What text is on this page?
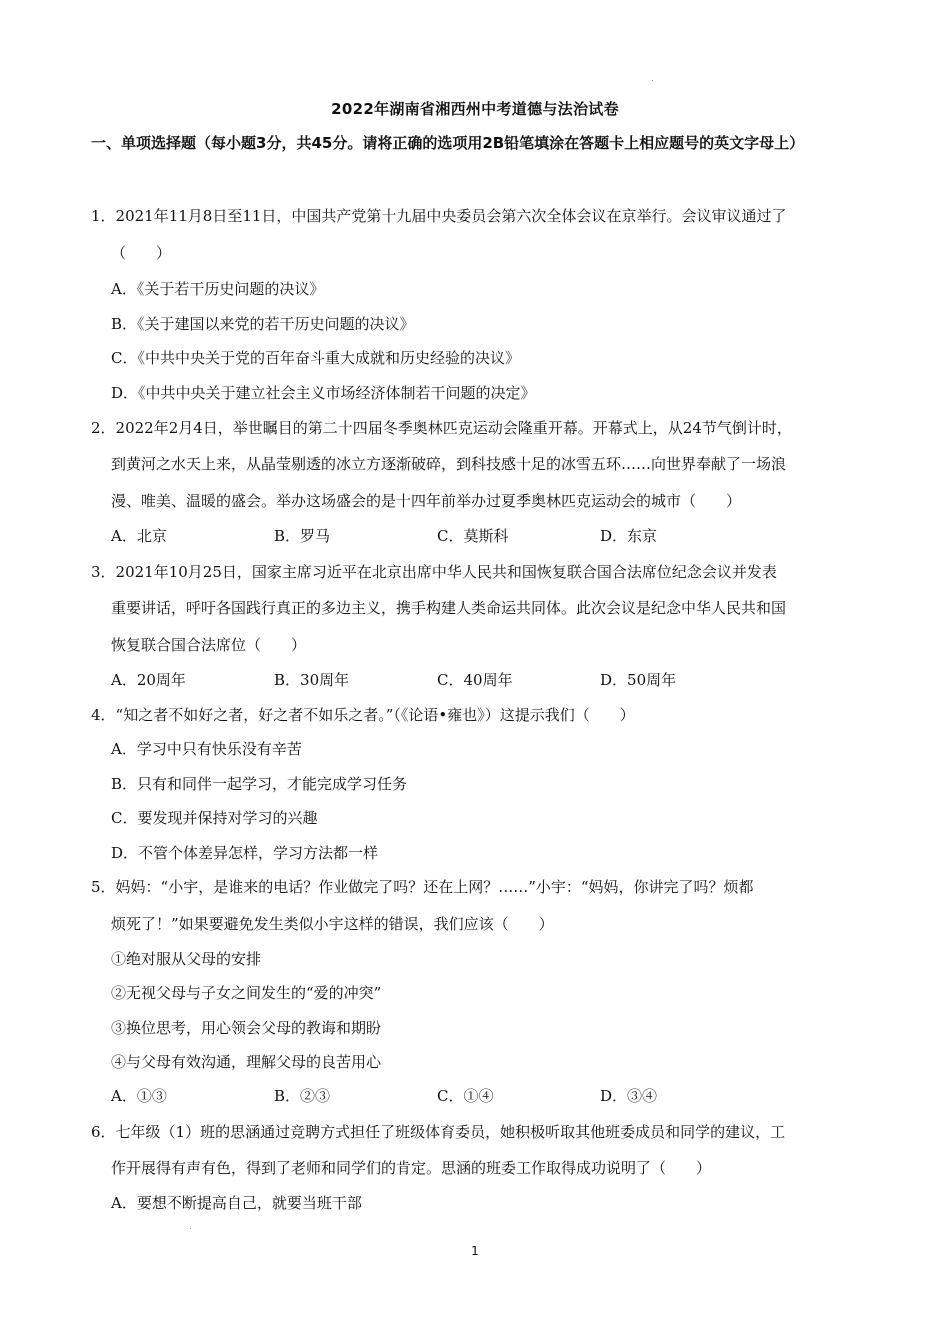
2022年湖南省湘西州中考道德与法治试卷
一、单项选择题（每小题3分，共45分。请将正确的选项用2B铅笔填涂在答题卡上相应题号的英文字母上）
1．2021年11月8日至11日，中国共产党第十九届中央委员会第六次全体会议在京举行。会议审议通过了
（　　）
A．《关于若干历史问题的决议》
B．《关于建国以来党的若干历史问题的决议》
C．《中共中央关于党的百年奋斗重大成就和历史经验的决议》
D．《中共中央关于建立社会主义市场经济体制若干问题的决定》
2．2022年2月4日，举世瞩目的第二十四届冬季奥林匹克运动会隆重开幕。开幕式上，从24节气倒计时，
到黄河之水天上来，从晶莹剔透的冰立方逐渐破碎，到科技感十足的冰雪五环……向世界奉献了一场浪
漫、唯美、温暖的盛会。举办这场盛会的是十四年前举办过夏季奥林匹克运动会的城市（　　）
A．北京	B．罗马	C．莫斯科	D．东京
3．2021年10月25日，国家主席习近平在北京出席中华人民共和国恢复联合国合法席位纪念会议并发表
重要讲话，呼吁各国践行真正的多边主义，携手构建人类命运共同体。此次会议是纪念中华人民共和国
恢复联合国合法席位（　　）
A．20周年	B．30周年	C．40周年	D．50周年
4．“知之者不如好之者，好之者不如乐之者。”（《论语•雍也》）这提示我们（　　）
A．学习中只有快乐没有辛苦
B．只有和同伴一起学习，才能完成学习任务
C．要发现并保持对学习的兴趣
D．不管个体差异怎样，学习方法都一样
5．妈妈：“小宇，是谁来的电话？作业做完了吗？还在上网？……”小宇：“妈妈，你讲完了吗？烦都
烦死了！”如果要避免发生类似小宇这样的错误，我们应该（　　）
①绝对服从父母的安排
②无视父母与子女之间发生的“爱的冲突”
③换位思考，用心领会父母的教诲和期盼
④与父母有效沟通，理解父母的良苦用心
A．①③	B．②③	C．①④	D．③④
6．七年级（1）班的思涵通过竞聘方式担任了班级体育委员，她积极听取其他班委成员和同学的建议，工
作开展得有声有色，得到了老师和同学们的肯定。思涵的班委工作取得成功说明了（　　）
A．要想不断提高自己，就要当班干部
1
